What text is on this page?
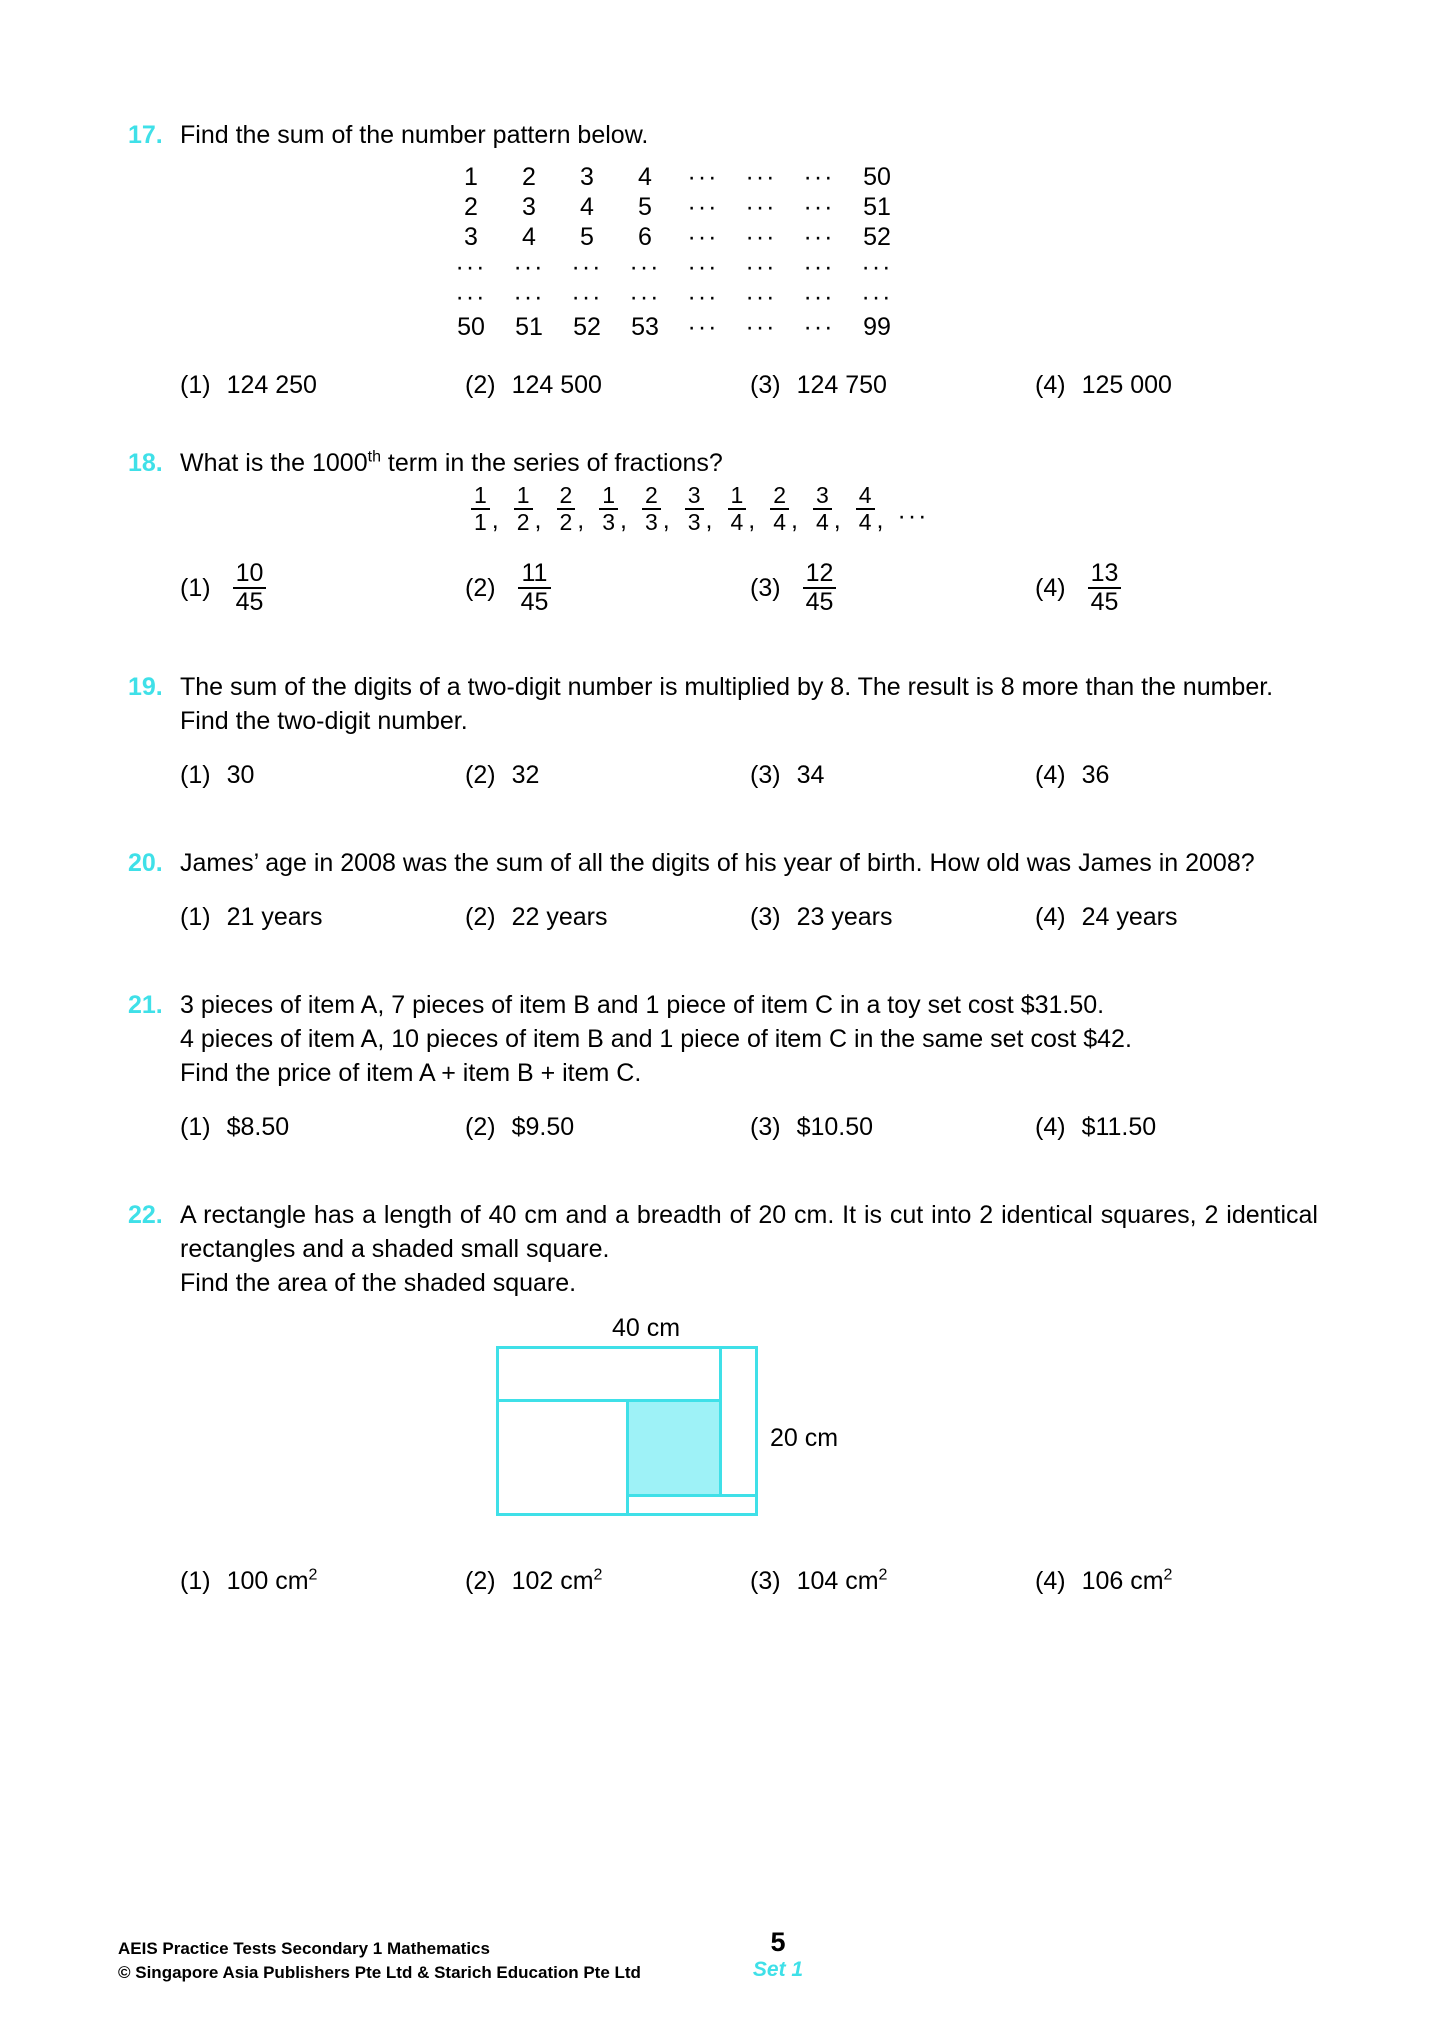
17. Find the sum of the number pattern below.
1	2	3	4	···	···	···	50
2	3	4	5	···	···	···	51
3	4	5	6	···	···	···	52
···	···	···	···	···	···	···	···
···	···	···	···	···	···	···	···
50	51	52	53	···	···	···	99
(1) 124 250	(2) 124 500	(3) 124 750	(4) 125 000
18. What is the 1000th term in the series of fractions?
$\frac{1}{1}$ , $\frac{1}{2}$ , $\frac{2}{2}$ , $\frac{1}{3}$ , $\frac{2}{3}$ , $\frac{3}{3}$ , $\frac{1}{4}$ , $\frac{2}{4}$ , $\frac{3}{4}$ , $\frac{4}{4}$ , ···
$(1) \frac{10}{45}$	$(2) \frac{11}{45}$	$(3) \frac{12}{45}$	$(4) \frac{13}{45}$
19. The sum of the digits of a two-digit number is multiplied by 8. The result is 8 more than the number. Find the two-digit number.
(1) 30	(2) 32	(3) 34	(4) 36
20. James’ age in 2008 was the sum of all the digits of his year of birth. How old was James in 2008?
(1) 21 years	(2) 22 years	(3) 23 years	(4) 24 years
21. 3 pieces of item A, 7 pieces of item B and 1 piece of item C in a toy set cost $31.50.
4 pieces of item A, 10 pieces of item B and 1 piece of item C in the same set cost $42.
Find the price of item A + item B + item C.
(1) $8.50	(2) $9.50	(3) $10.50	(4) $11.50
22. A rectangle has a length of 40 cm and a breadth of 20 cm. It is cut into 2 identical squares, 2 identical rectangles and a shaded small square.
Find the area of the shaded square.
40 cm
20 cm
(1) 100 $cm^2$	(2) 102 $cm^2$	(3) 104 $cm^2$	(4) 106 $cm^2$
AEIS Practice Tests Secondary 1 Mathematics
© Singapore Asia Publishers Pte Ltd & Starich Education Pte Ltd
5
Set 1
